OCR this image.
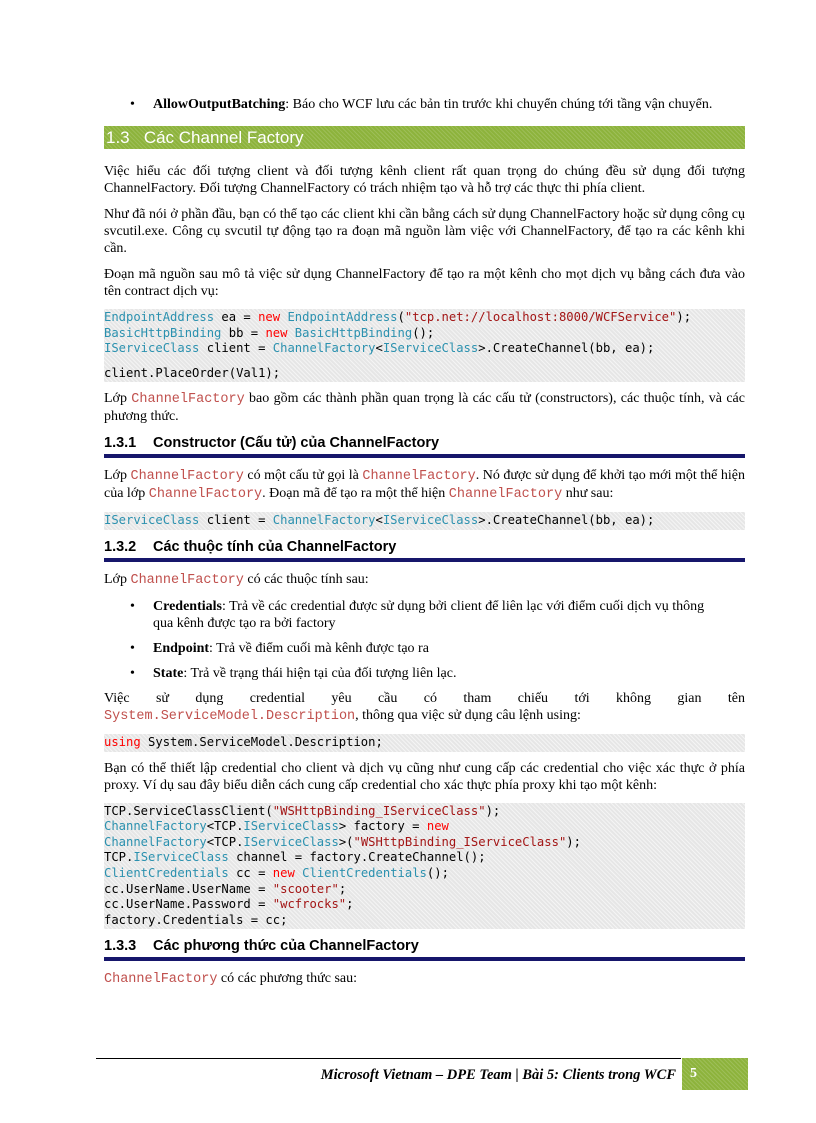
• AllowOutputBatching: Báo cho WCF lưu các bản tin trước khi chuyển chúng tới tầng vận chuyển.
1.3 Các Channel Factory

Việc hiểu các đối tượng client và đối tượng kênh client rất quan trọng do chúng đều sử dụng đối tượng ChannelFactory. Đối tượng ChannelFactory có trách nhiệm tạo và hỗ trợ các thực thi phía client.

Như đã nói ở phần đầu, bạn có thể tạo các client khi cần bằng cách sử dụng ChannelFactory hoặc sử dụng công cụ svcutil.exe. Công cụ svcutil tự động tạo ra đoạn mã nguồn làm việc với ChannelFactory, để tạo ra các kênh khi cần.

Đoạn mã nguồn sau mô tả việc sử dụng ChannelFactory để tạo ra một kênh cho mọt dịch vụ bằng cách đưa vào tên contract dịch vụ:

EndpointAddress ea = new EndpointAddress("tcp.net://localhost:8000/WCFService");
BasicHttpBinding bb = new BasicHttpBinding();
IServiceClass client = ChannelFactory<IServiceClass>.CreateChannel(bb, ea);
client.PlaceOrder(Val1);

Lớp ChannelFactory bao gồm các thành phần quan trọng là các cấu tử (constructors), các thuộc tính, và các phương thức.

1.3.1 Constructor (Cấu tử) của ChannelFactory

Lớp ChannelFactory có một cấu tử gọi là ChannelFactory. Nó được sử dụng để khởi tạo mới một thể hiện của lớp ChannelFactory. Đoạn mã để tạo ra một thể hiện ChannelFactory như sau:

IServiceClass client = ChannelFactory<IServiceClass>.CreateChannel(bb, ea);
1.3.2 Các thuộc tính của ChannelFactory

Lớp ChannelFactory có các thuộc tính sau:

• Credentials: Trả về các credential được sử dụng bởi client để liên lạc với điểm cuối dịch vụ thông qua kênh được tạo ra bởi factory
• Endpoint: Trả về điểm cuối mà kênh được tạo ra
• State: Trả về trạng thái hiện tại của đối tượng liên lạc.

Việc sử dụng credential yêu cầu có tham chiếu tới không gian tên

System.ServiceModel.Description, thông qua việc sử dụng câu lệnh using:

using System.ServiceModel.Description;

Bạn có thể thiết lập credential cho client và dịch vụ cũng như cung cấp các credential cho việc xác thực ở phía proxy. Ví dụ sau đây biểu diễn cách cung cấp credential cho xác thực phía proxy khi tạo một kênh:

TCP.ServiceClassClient("WSHttpBinding_IServiceClass");
ChannelFactory<TCP.IServiceClass> factory = new
ChannelFactory<TCP.IServiceClass>("WSHttpBinding_IServiceClass");
TCP.IServiceClass channel = factory.CreateChannel();
ClientCredentials cc = new ClientCredentials();
cc.UserName.UserName = "scooter";
cc.UserName.Password = "wcfrocks";
factory.Credentials = cc;
1.3.3 Các phương thức của ChannelFactory

ChannelFactory có các phương thức sau:

Microsoft Vietnam – DPE Team | Bài 5: Clients trong WCF	5
